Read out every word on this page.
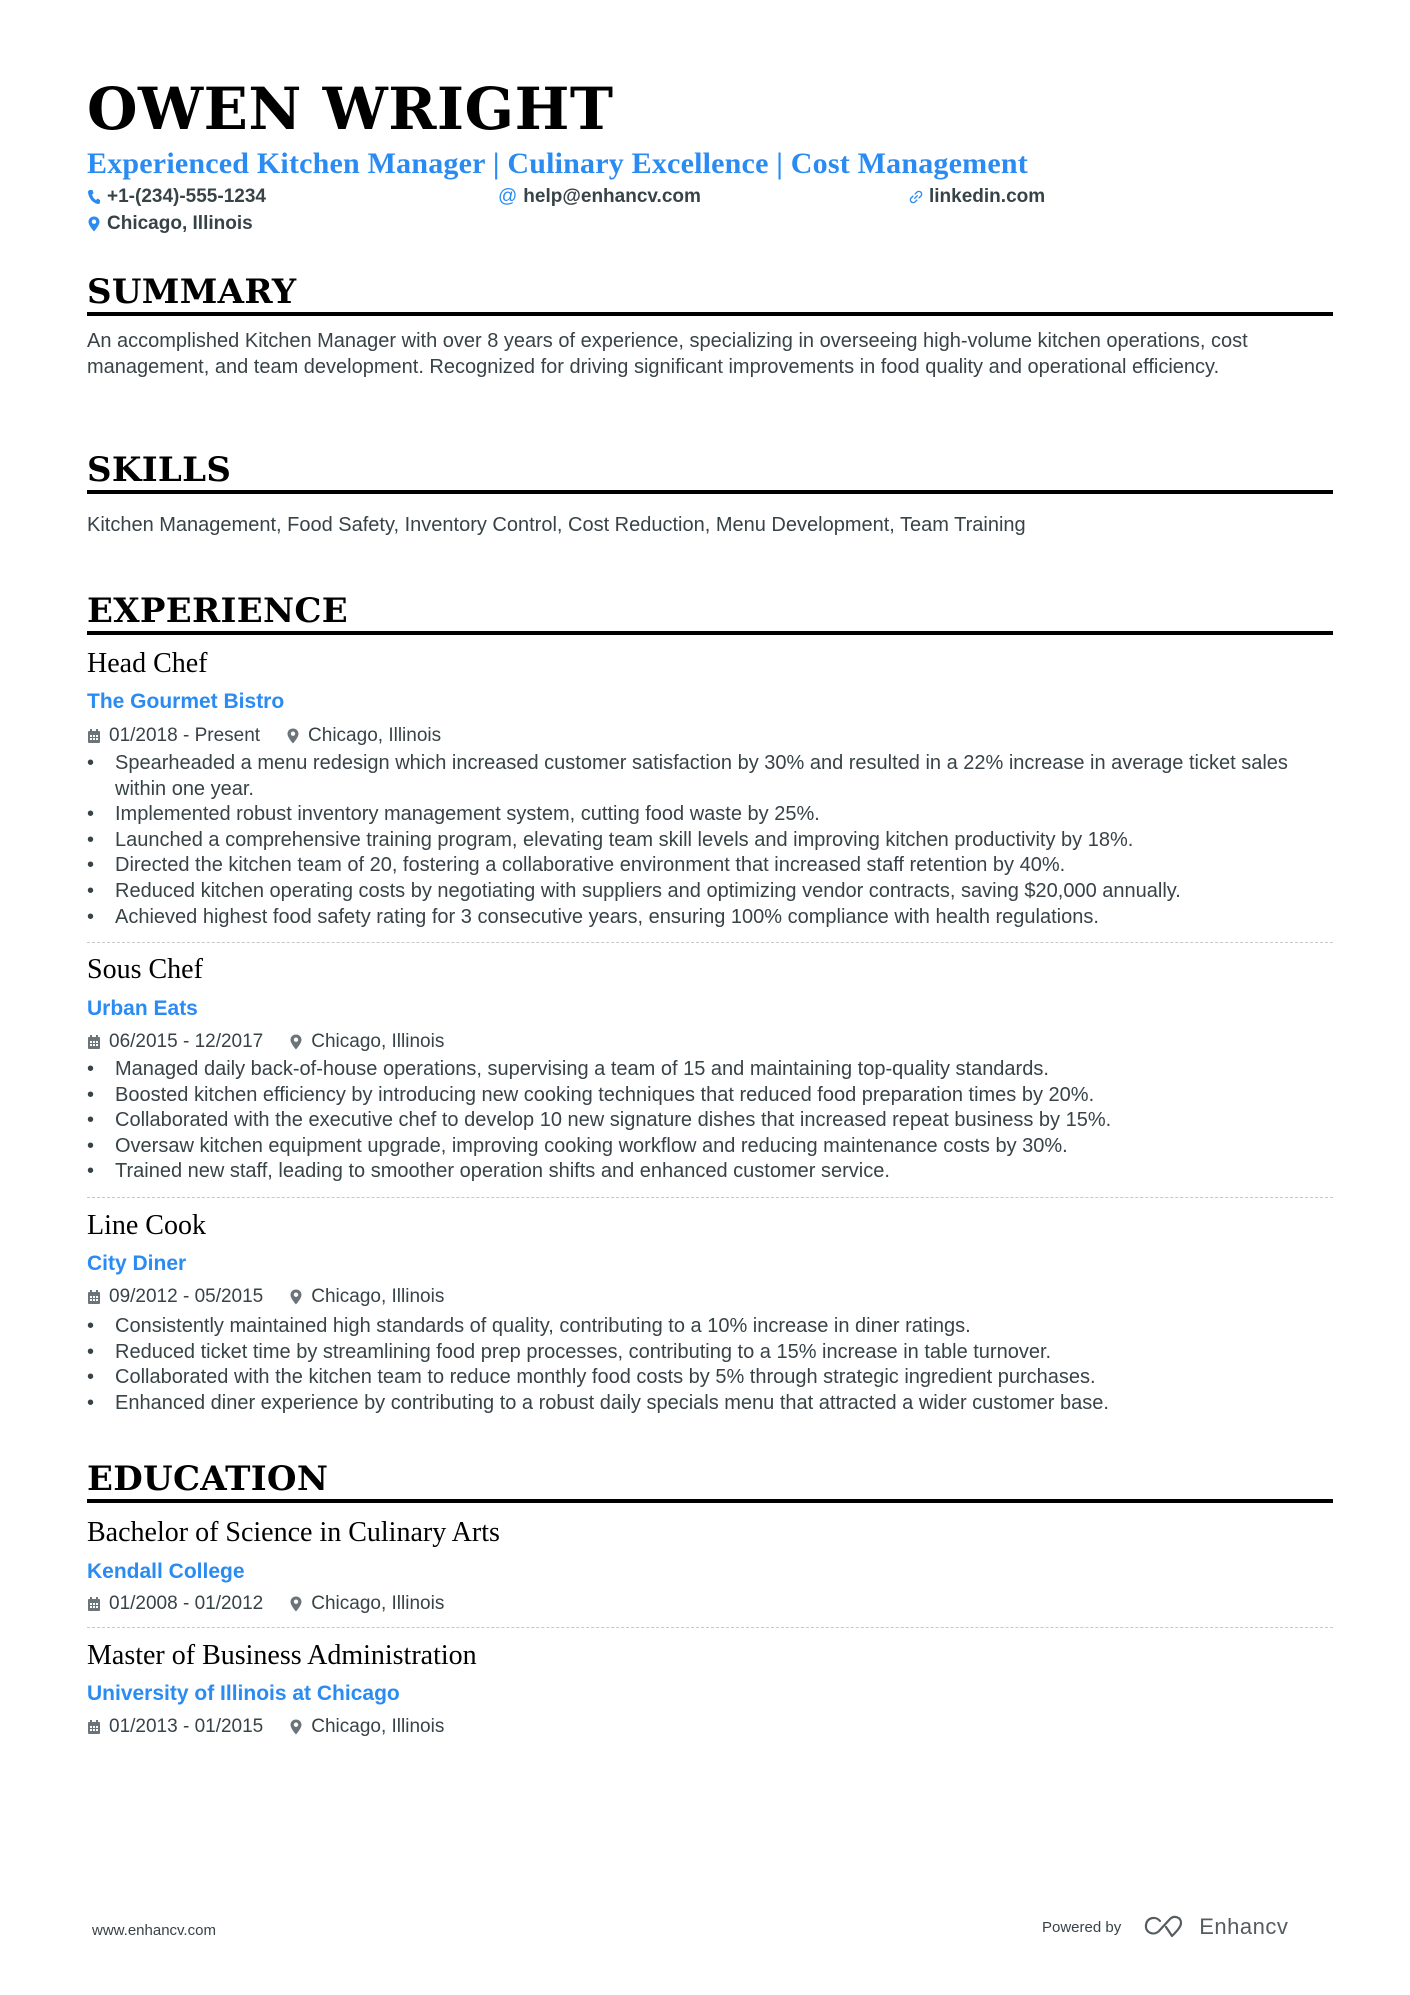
OWEN WRIGHT
Experienced Kitchen Manager | Culinary Excellence | Cost Management
+1-(234)-555-1234	@ help@enhancv.com	linkedin.com
Chicago, Illinois
SUMMARY
An accomplished Kitchen Manager with over 8 years of experience, specializing in overseeing high-volume kitchen operations, cost management, and team development. Recognized for driving significant improvements in food quality and operational efficiency.
SKILLS
Kitchen Management, Food Safety, Inventory Control, Cost Reduction, Menu Development, Team Training
EXPERIENCE
Head Chef
The Gourmet Bistro
01/2018 - Present	Chicago, Illinois
• Spearheaded a menu redesign which increased customer satisfaction by 30% and resulted in a 22% increase in average ticket sales within one year.
• Implemented robust inventory management system, cutting food waste by 25%.
• Launched a comprehensive training program, elevating team skill levels and improving kitchen productivity by 18%.
• Directed the kitchen team of 20, fostering a collaborative environment that increased staff retention by 40%.
• Reduced kitchen operating costs by negotiating with suppliers and optimizing vendor contracts, saving $20,000 annually.
• Achieved highest food safety rating for 3 consecutive years, ensuring 100% compliance with health regulations.
Sous Chef
Urban Eats
06/2015 - 12/2017	Chicago, Illinois
• Managed daily back-of-house operations, supervising a team of 15 and maintaining top-quality standards.
• Boosted kitchen efficiency by introducing new cooking techniques that reduced food preparation times by 20%.
• Collaborated with the executive chef to develop 10 new signature dishes that increased repeat business by 15%.
• Oversaw kitchen equipment upgrade, improving cooking workflow and reducing maintenance costs by 30%.
• Trained new staff, leading to smoother operation shifts and enhanced customer service.
Line Cook
City Diner
09/2012 - 05/2015	Chicago, Illinois
• Consistently maintained high standards of quality, contributing to a 10% increase in diner ratings.
• Reduced ticket time by streamlining food prep processes, contributing to a 15% increase in table turnover.
• Collaborated with the kitchen team to reduce monthly food costs by 5% through strategic ingredient purchases.
• Enhanced diner experience by contributing to a robust daily specials menu that attracted a wider customer base.
EDUCATION
Bachelor of Science in Culinary Arts
Kendall College
01/2008 - 01/2012	Chicago, Illinois
Master of Business Administration
University of Illinois at Chicago
01/2013 - 01/2015	Chicago, Illinois
www.enhancv.com	Powered by	Enhancv
